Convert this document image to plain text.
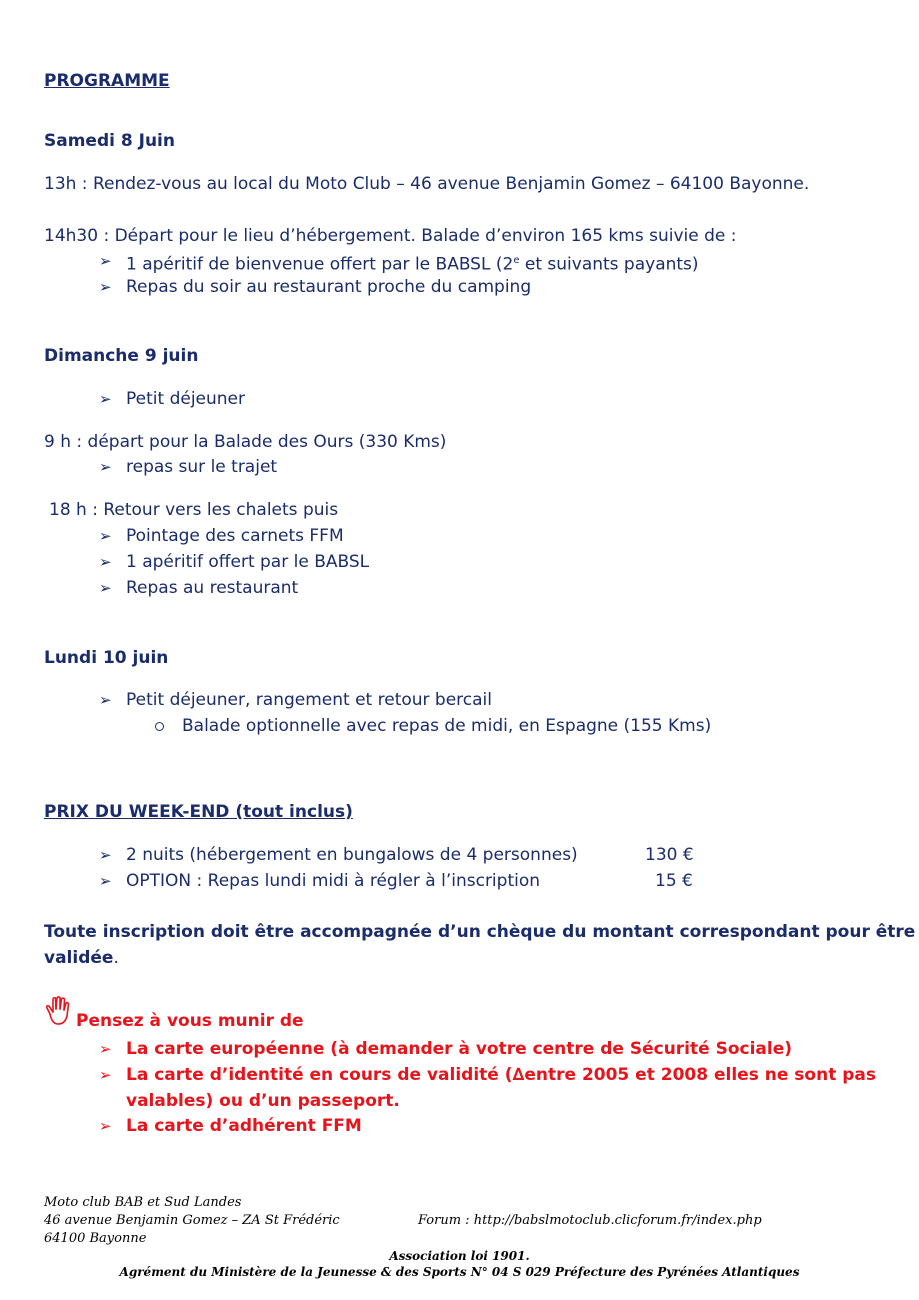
PROGRAMME
Samedi 8 Juin
13h : Rendez-vous au local du Moto Club – 46 avenue Benjamin Gomez – 64100 Bayonne.
14h30 : Départ pour le lieu d’hébergement. Balade d’environ 165 kms suivie de :
➢ 1 apéritif de bienvenue offert par le BABSL (2e et suivants payants)
➢ Repas du soir au restaurant proche du camping
Dimanche 9 juin
➢ Petit déjeuner
9 h : départ pour la Balade des Ours (330 Kms)
➢ repas sur le trajet
18 h : Retour vers les chalets puis
➢ Pointage des carnets FFM
➢ 1 apéritif offert par le BABSL
➢ Repas au restaurant
Lundi 10 juin
➢ Petit déjeuner, rangement et retour bercail
Balade optionnelle avec repas de midi, en Espagne (155 Kms)
PRIX DU WEEK-END (tout inclus)
➢ 2 nuits (hébergement en bungalows de 4 personnes)	130 €
➢ OPTION : Repas lundi midi à régler à l’inscription	15 €
Toute inscription doit être accompagnée d’un chèque du montant correspondant pour être
validée.
Pensez à vous munir de
➢ La carte européenne (à demander à votre centre de Sécurité Sociale)
➢ La carte d’identité en cours de validité (∆entre 2005 et 2008 elles ne sont pas
valables) ou d’un passeport.
➢ La carte d’adhérent FFM
Moto club BAB et Sud Landes
46 avenue Benjamin Gomez – ZA St Frédéric	Forum : http://babslmotoclub.clicforum.fr/index.php
64100 Bayonne
Association loi 1901.
Agrément du Ministère de la Jeunesse & des Sports N° 04 S 029 Préfecture des Pyrénées Atlantiques
